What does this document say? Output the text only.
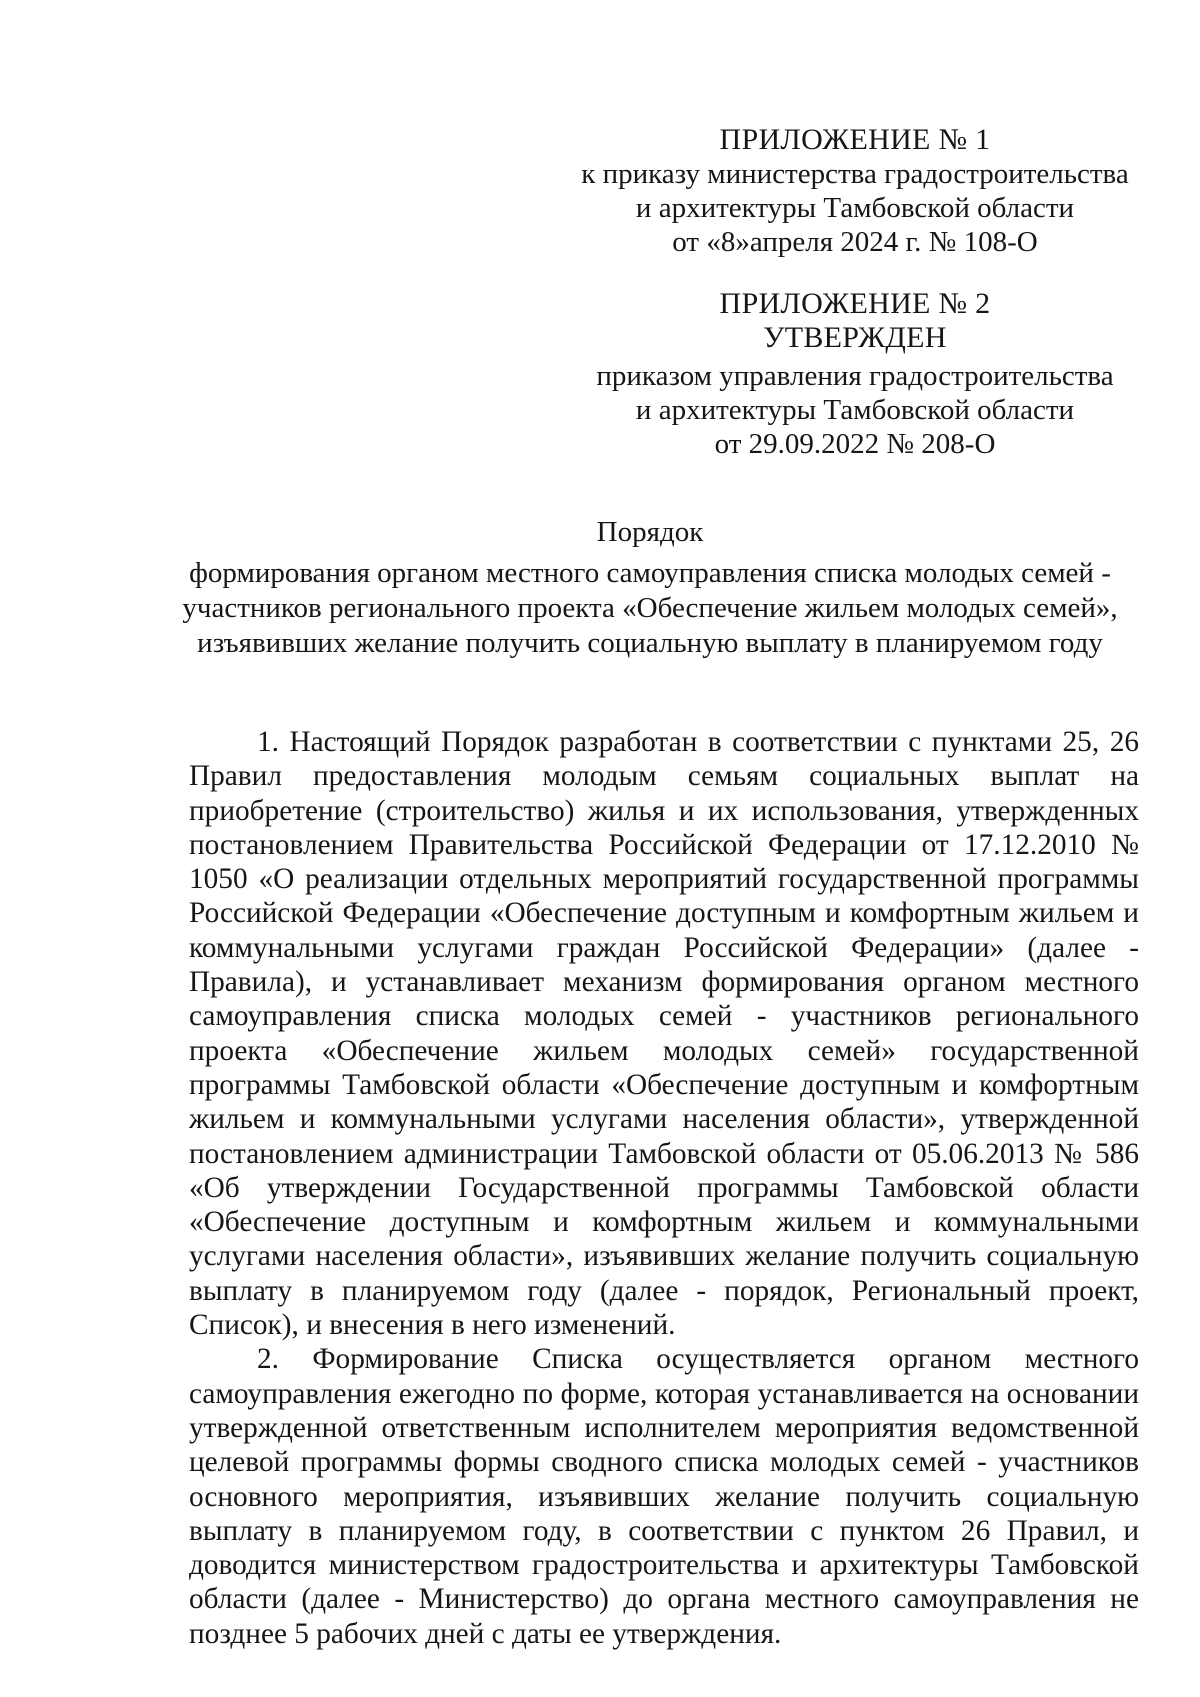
ПРИЛОЖЕНИЕ № 1
к приказу министерства градостроительства
и архитектуры Тамбовской области
от «8»апреля 2024 г. № 108-О
ПРИЛОЖЕНИЕ № 2
УТВЕРЖДЕН
приказом управления градостроительства
и архитектуры Тамбовской области
от 29.09.2022 № 208-О
Порядок
формирования органом местного самоуправления списка молодых семей -
участников регионального проекта «Обеспечение жильем молодых семей»,
изъявивших желание получить социальную выплату в планируемом году

1. Настоящий Порядок разработан в соответствии с пунктами 25, 26 Правил предоставления молодым семьям социальных выплат на приобретение (строительство) жилья и их использования, утвержденных постановлением Правительства Российской Федерации от 17.12.2010 № 1050 «О реализации отдельных мероприятий государственной программы Российской Федерации «Обеспечение доступным и комфортным жильем и коммунальными услугами граждан Российской Федерации» (далее - Правила), и устанавливает механизм формирования органом местного самоуправления списка молодых семей - участников регионального проекта «Обеспечение жильем молодых семей» государственной программы Тамбовской области «Обеспечение доступным и комфортным жильем и коммунальными услугами населения области», утвержденной постановлением администрации Тамбовской области от 05.06.2013 № 586 «Об утверждении Государственной программы Тамбовской области «Обеспечение доступным и комфортным жильем и коммунальными услугами населения области», изъявивших желание получить социальную выплату в планируемом году (далее - порядок, Региональный проект, Список), и внесения в него изменений.

2. Формирование Списка осуществляется органом местного самоуправления ежегодно по форме, которая устанавливается на основании утвержденной ответственным исполнителем мероприятия ведомственной целевой программы формы сводного списка молодых семей - участников основного мероприятия, изъявивших желание получить социальную выплату в планируемом году, в соответствии с пунктом 26 Правил, и доводится министерством градостроительства и архитектуры Тамбовской области (далее - Министерство) до органа местного самоуправления не позднее 5 рабочих дней с даты ее утверждения.
